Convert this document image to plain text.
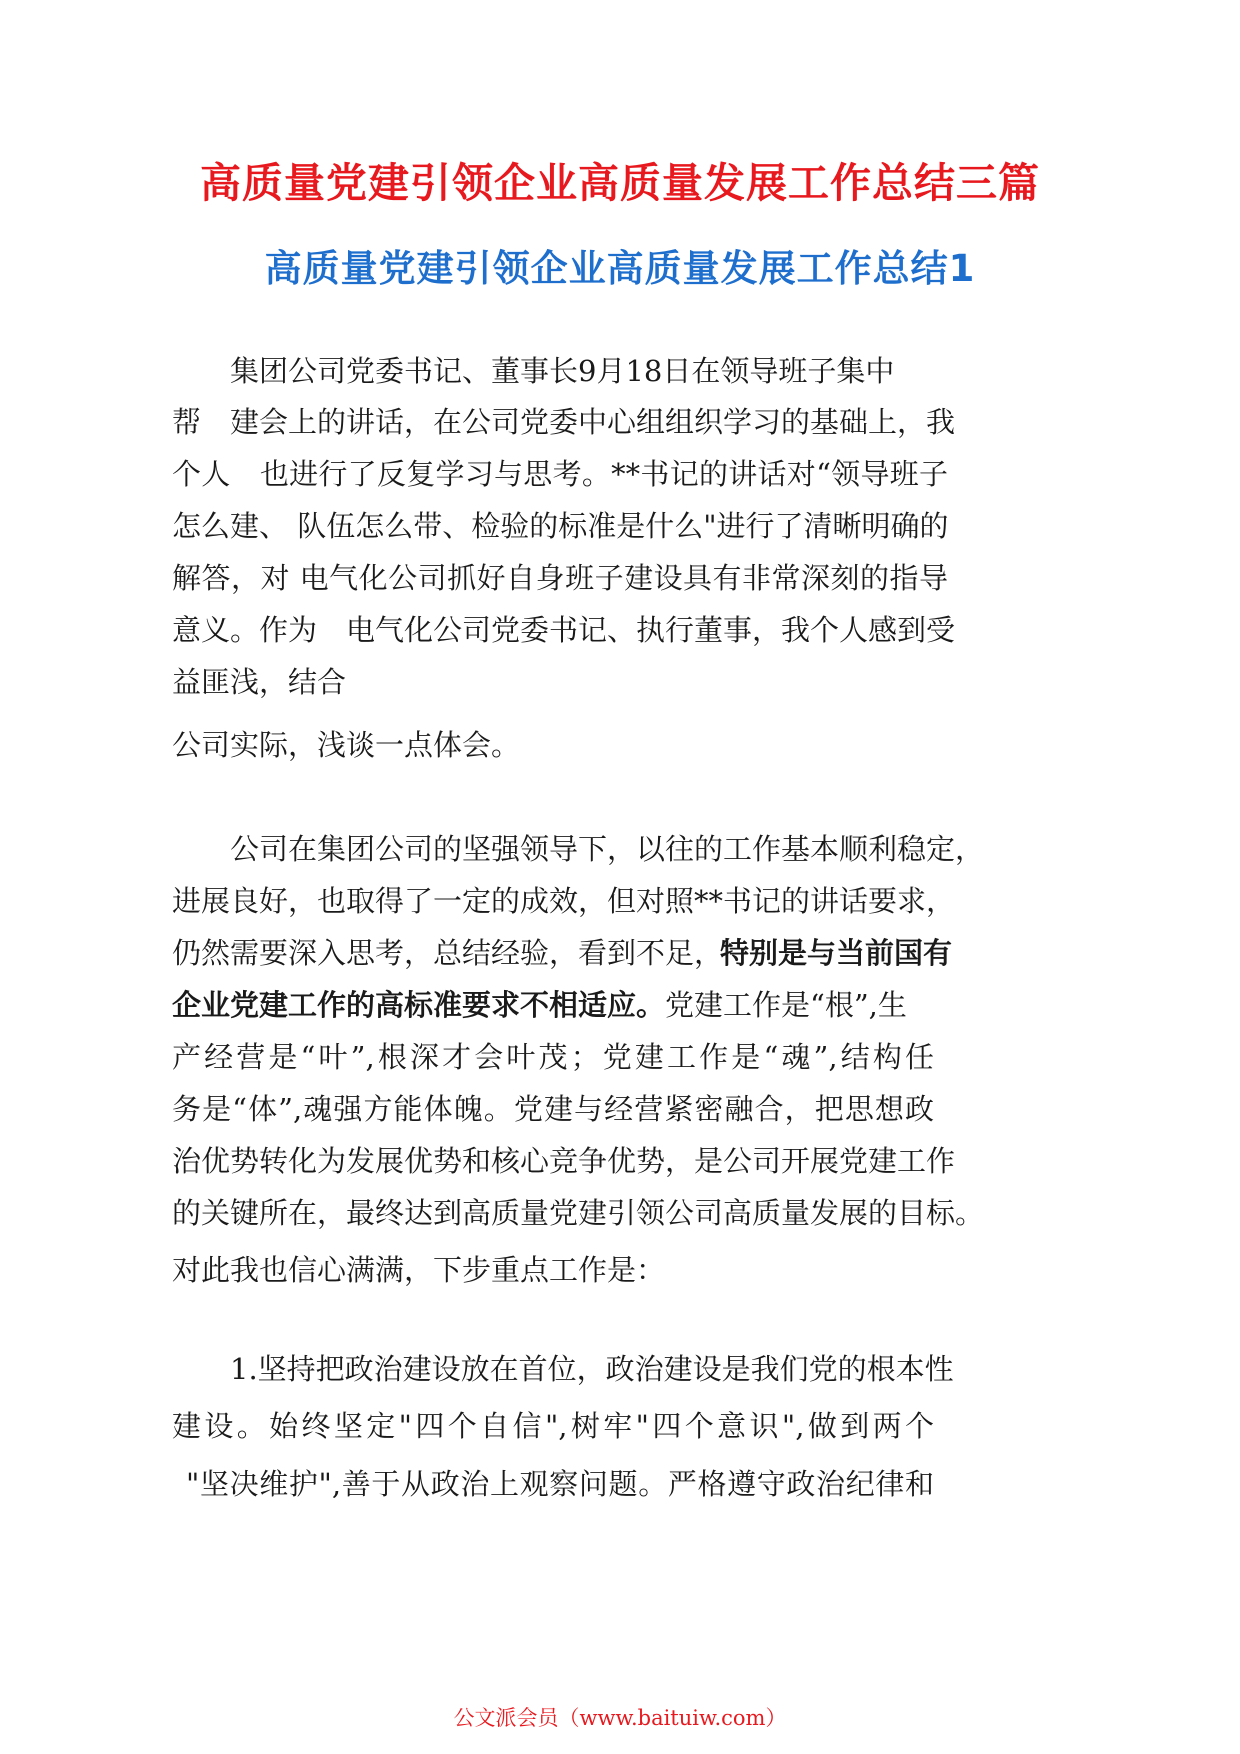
高质量党建引领企业高质量发展工作总结三篇
高质量党建引领企业高质量发展工作总结1

集团公司党委书记、董事长9月18日在领导班子集中

帮　建会上的讲话，在公司党委中心组组织学习的基础上，我

个人　也进行了反复学习与思考。**书记的讲话对“领导班子

怎么建、 队伍怎么带、检验的标准是什么"进行了清晰明确的

解答，对 电气化公司抓好自身班子建设具有非常深刻的指导

意义。作为　电气化公司党委书记、执行董事，我个人感到受

益匪浅，结合

公司实际，浅谈一点体会。

公司在集团公司的坚强领导下，以往的工作基本顺利稳定，

进展良好，也取得了一定的成效，但对照**书记的讲话要求，

仍然需要深入思考，总结经验，看到不足，

特别是与当前国有

企业党建工作的高标准要求不相适应。 党建工作是“根”,生

产经营是“叶”,根深才会叶茂；党建工作是“魂”,结构任

务是“体”,魂强方能体魄。党建与经营紧密融合，把思想政

治优势转化为发展优势和核心竞争优势，是公司开展党建工作

的关键所在，最终达到高质量党建引领公司高质量发展的目标。

对此我也信心满满，下步重点工作是：

1.坚持把政治建设放在首位，政治建设是我们党的根本性

建设。始终坚定"四个自信",树牢"四个意识",做到两个

"坚决维护",善于从政治上观察问题。严格遵守政治纪律和

公文派会员（www.baituiw.com）
